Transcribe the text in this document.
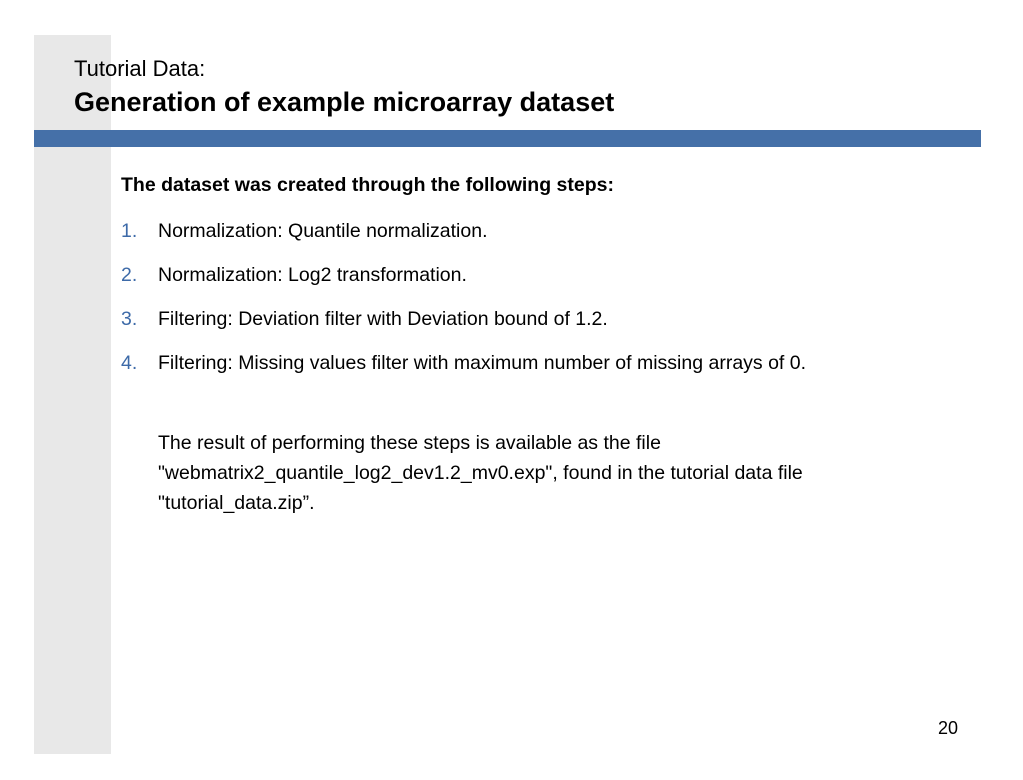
Tutorial Data:

Generation of example microarray dataset

The dataset was created through the following steps:

1.	Normalization: Quantile normalization.
2.	Normalization: Log2 transformation.
3.	Filtering: Deviation filter with Deviation bound of 1.2.
4.	Filtering: Missing values filter with maximum number of missing arrays of 0.

The result of performing these steps is available as the file "webmatrix2_quantile_log2_dev1.2_mv0.exp", found in the tutorial data file "tutorial_data.zip”.

20
